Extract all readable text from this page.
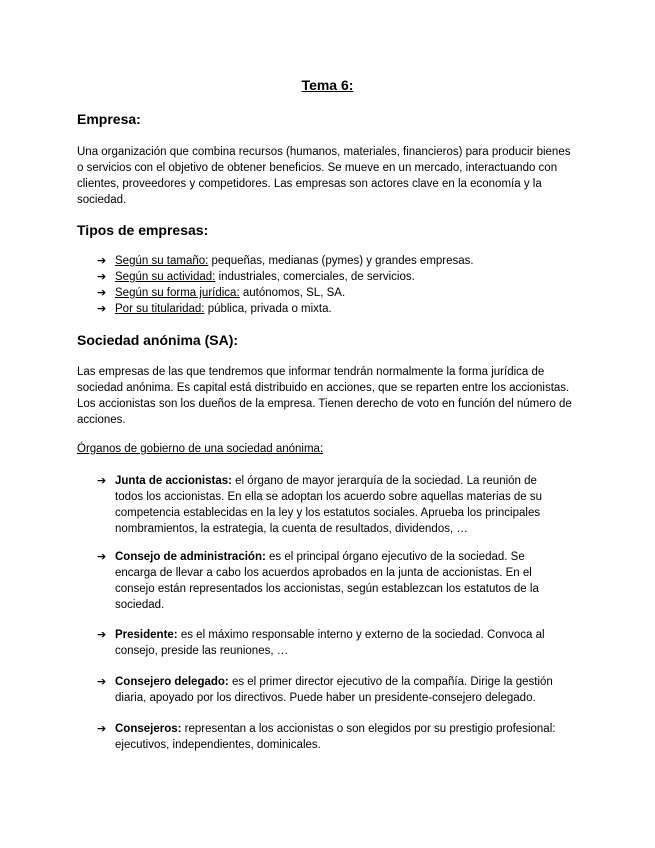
Tema 6:
Empresa:

Una organización que combina recursos (humanos, materiales, financieros) para producir bienes o servicios con el objetivo de obtener beneficios. Se mueve en un mercado, interactuando con clientes, proveedores y competidores. Las empresas son actores clave en la economía y la sociedad.

Tipos de empresas:
➔ Según su tamaño: pequeñas, medianas (pymes) y grandes empresas.
➔ Según su actividad: industriales, comerciales, de servicios.
➔ Según su forma jurídica: autónomos, SL, SA.
➔ Por su titularidad: pública, privada o mixta.
Sociedad anónima (SA):

Las empresas de las que tendremos que informar tendrán normalmente la forma jurídica de sociedad anónima. Es capital está distribuido en acciones, que se reparten entre los accionistas. Los accionistas son los dueños de la empresa. Tienen derecho de voto en función del número de acciones.

Órganos de gobierno de una sociedad anónima:

➔ Junta de accionistas: el órgano de mayor jerarquía de la sociedad. La reunión de todos los accionistas. En ella se adoptan los acuerdo sobre aquellas materias de su competencia establecidas en la ley y los estatutos sociales. Aprueba los principales nombramientos, la estrategia, la cuenta de resultados, dividendos, …
➔ Consejo de administración: es el principal órgano ejecutivo de la sociedad. Se encarga de llevar a cabo los acuerdos aprobados en la junta de accionistas. En el consejo están representados los accionistas, según establezcan los estatutos de la sociedad.
➔ Presidente: es el máximo responsable interno y externo de la sociedad. Convoca al consejo, preside las reuniones, …
➔ Consejero delegado: es el primer director ejecutivo de la compañía. Dirige la gestión diaria, apoyado por los directivos. Puede haber un presidente-consejero delegado.
➔ Consejeros: representan a los accionistas o son elegidos por su prestigio profesional: ejecutivos, independientes, dominicales.
